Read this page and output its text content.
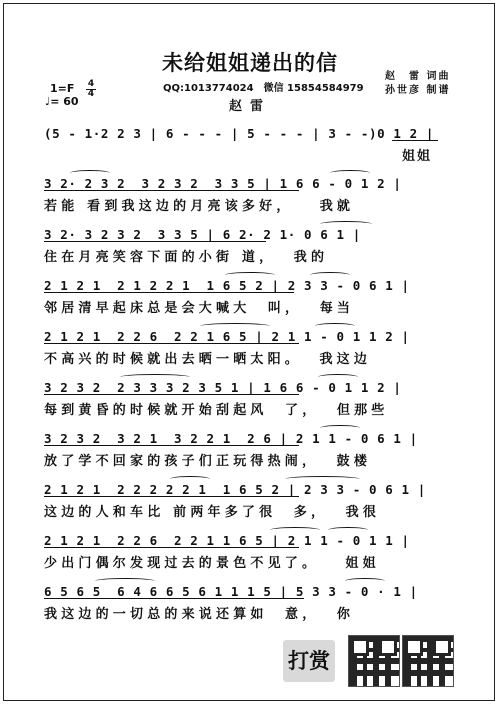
未给姐姐递出的信
QQ:1013774024　微信 15854584979
赵雷
赵　雷 词曲
孙世彦 制谱
1=F 4
4
♩= 60
(5 - 1·2 2 3 | 6 - - - | 5 - - - | 3 - -)0 1 2 |
姐姐
3 2· 2 3 2  3 2 3 2  3 3 5 | 1 6 6 - 0 1 2 |
若能 看到我这边的月亮该多好，   我就
3 2· 3 2 3 2  3 3 5 | 6 2· 2 1· 0 6 1 |
住在月亮笑容下面的小街 道，  我的
2 1 2 1  2 1 2 2 1  1 6 5 2 | 2 3 3 - 0 6 1 |
邻居清早起床总是会大喊大  叫，  每当
2 1 2 1  2 2 6  2 2 1 6 5 | 2 1 1 - 0 1 1 2 |
不高兴的时候就出去晒一晒太阳。  我这边
3 2 3 2  2 3 3 3 2 3 5 1 | 1 6 6 - 0 1 1 2 |
每到黄昏的时候就开始刮起风  了，  但那些
3 2 3 2  3 2 1  3 2 2 1  2 6 | 2 1 1 - 0 6 1 |
放了学不回家的孩子们正玩得热闹，  鼓楼
2 1 2 1  2 2 2 2 2 1  1 6 5 2 | 2 3 3 - 0 6 1 |
这边的人和车比 前两年多了很  多，  我很
2 1 2 1  2 2 6  2 2 1 1 6 5 | 2 1 1 - 0 1 1 |
少出门偶尔发现过去的景色不见了。   姐姐
6 5 6 5  6 4 6 6 5 6 1 1 1 5 | 5 3 3 - 0 · 1 |
我这边的一切总的来说还算如  意，  你
打赏
